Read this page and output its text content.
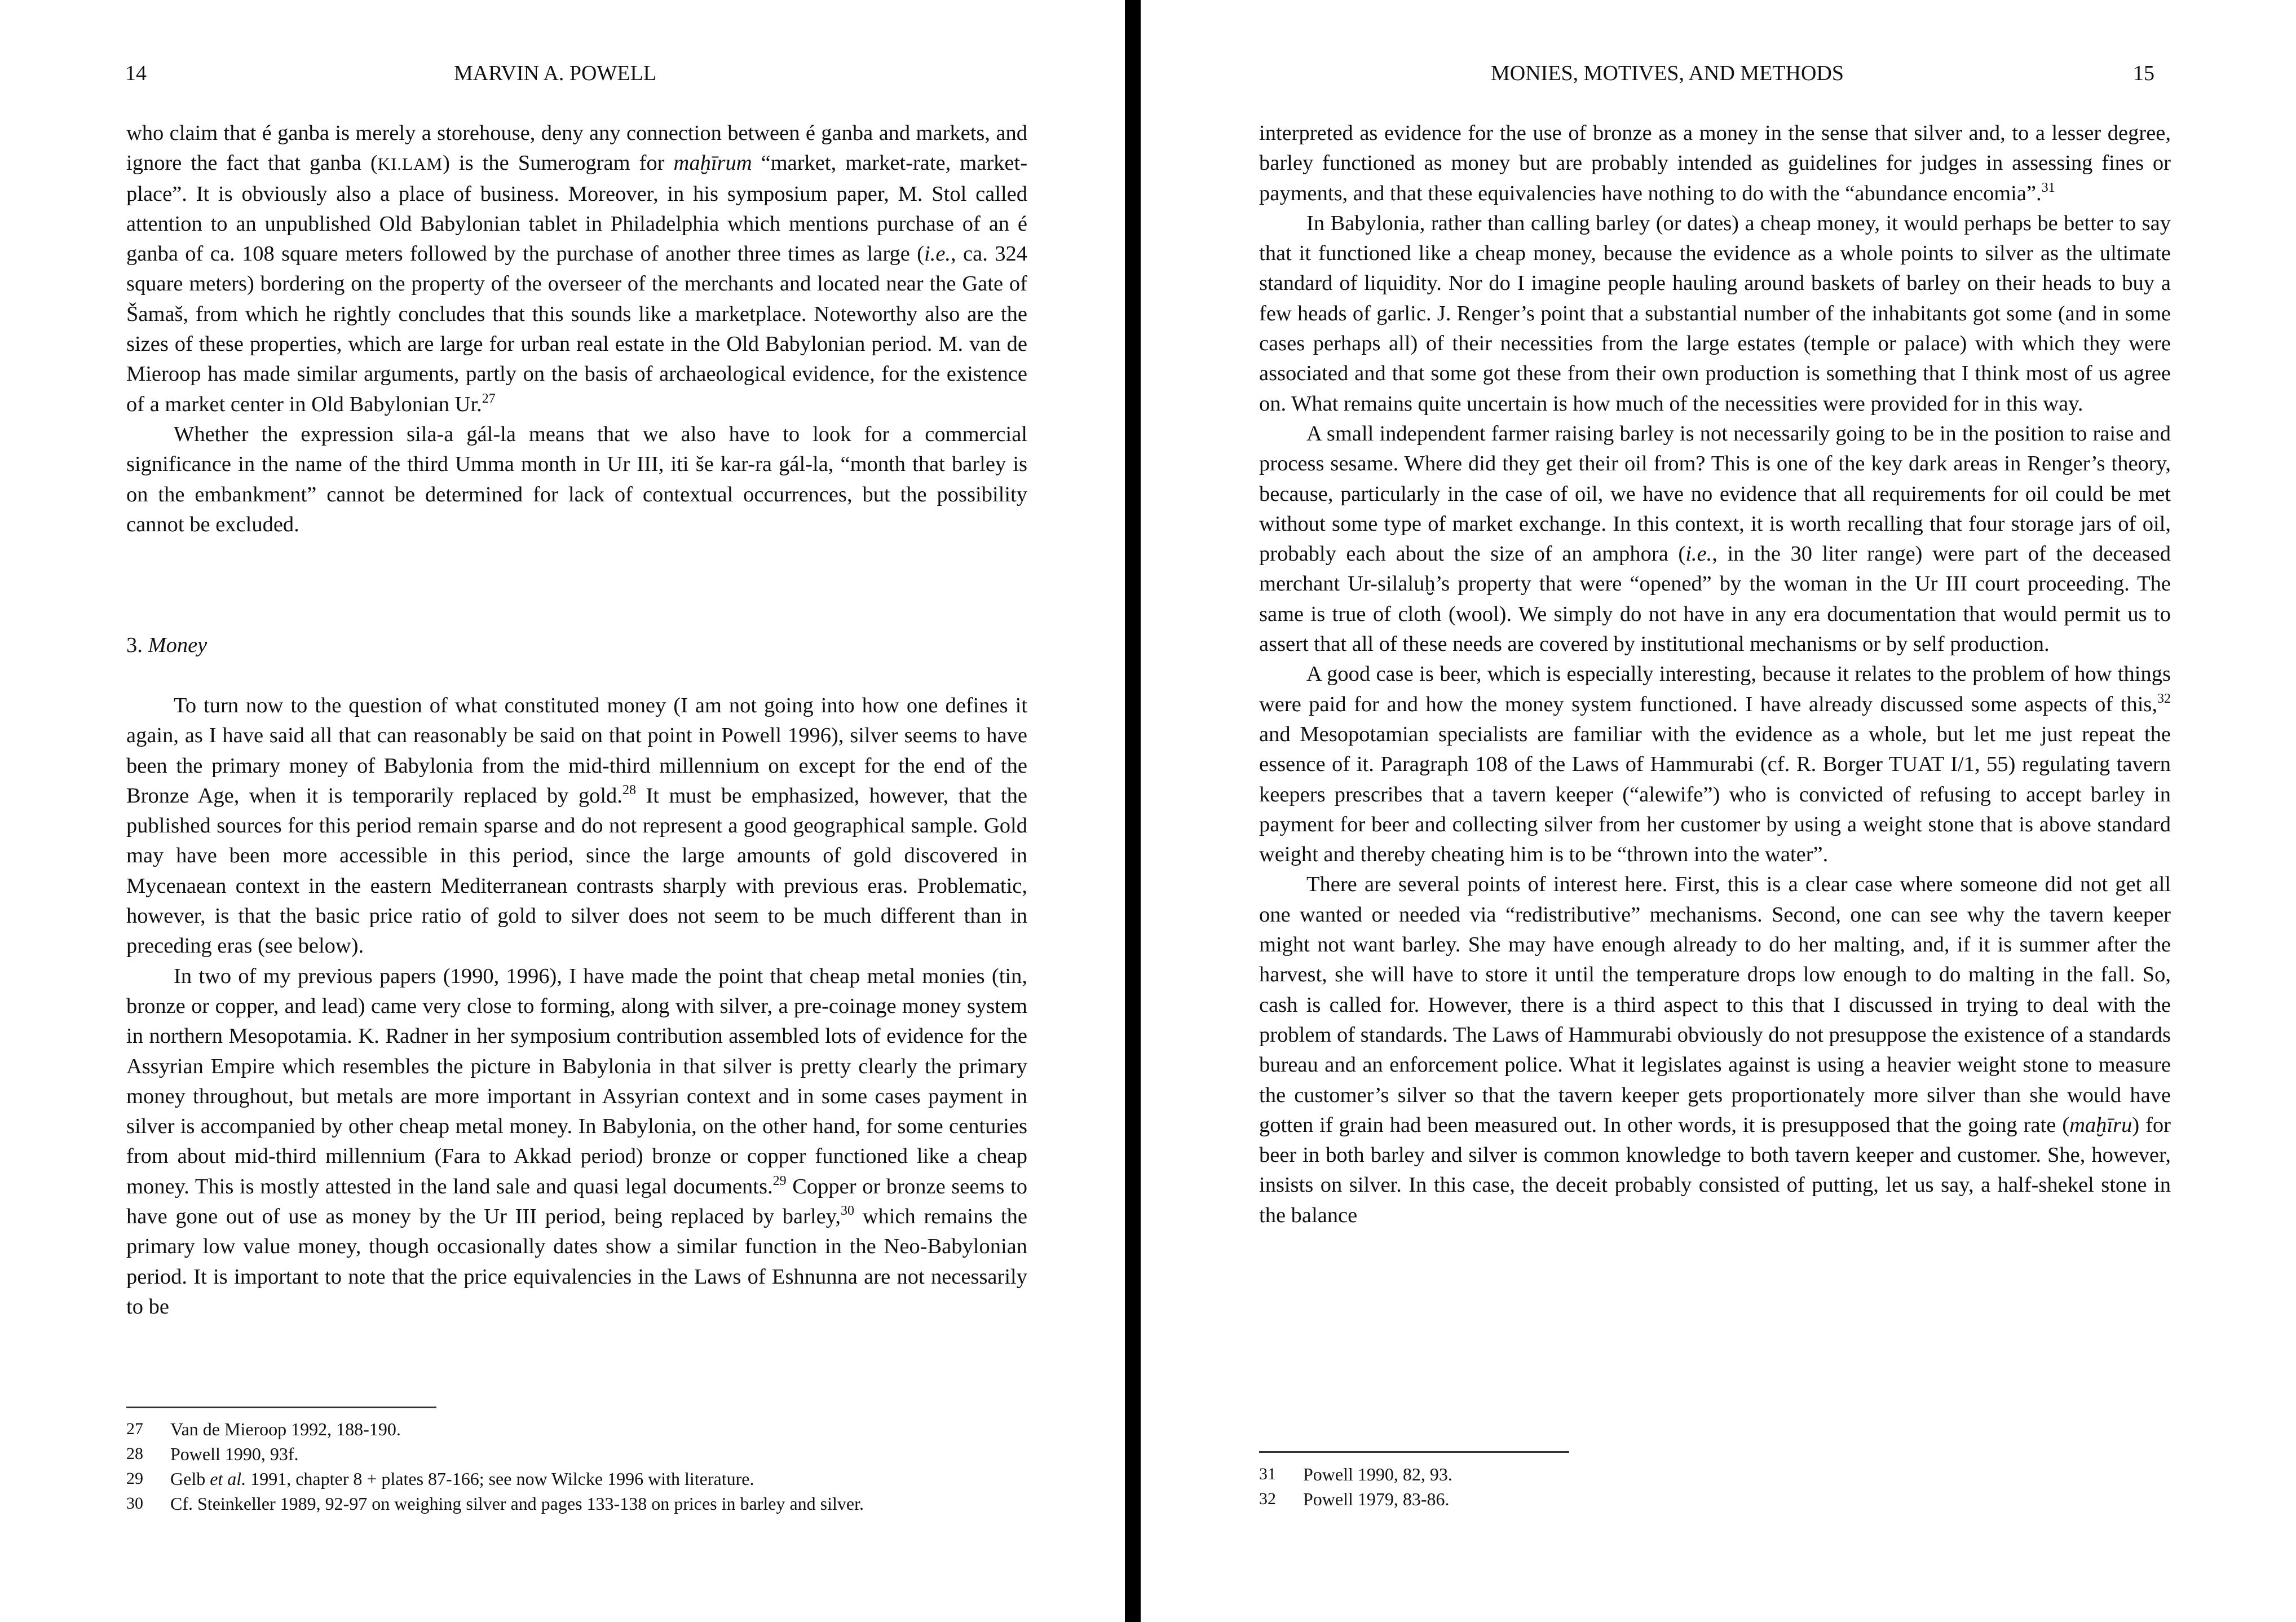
14	MARVIN A. POWELL

who claim that é ganba is merely a storehouse, deny any connection between é ganba and markets, and ignore the fact that ganba (KI.LAM) is the Sumerogram for maḫīrum “market, market-rate, market-place”. It is obviously also a place of business. Moreover, in his symposium paper, M. Stol called attention to an unpublished Old Babylonian tablet in Philadelphia which mentions purchase of an é ganba of ca. 108 square meters followed by the purchase of another three times as large (i.e., ca. 324 square meters) bordering on the property of the overseer of the merchants and located near the Gate of Šamaš, from which he rightly concludes that this sounds like a marketplace. Noteworthy also are the sizes of these properties, which are large for urban real estate in the Old Babylonian period. M. van de Mieroop has made similar arguments, partly on the basis of archaeological evidence, for the existence of a market center in Old Babylonian Ur.$^{27}$

Whether the expression sila-a gál-la means that we also have to look for a commercial significance in the name of the third Umma month in Ur III, iti še kar-ra gál-la, “month that barley is on the embankment” cannot be determined for lack of contextual occurrences, but the possibility cannot be excluded.

3. Money

To turn now to the question of what constituted money (I am not going into how one defines it again, as I have said all that can reasonably be said on that point in Powell 1996), silver seems to have been the primary money of Babylonia from the mid-third millennium on except for the end of the Bronze Age, when it is temporarily replaced by gold.$^{28}$ It must be emphasized, however, that the published sources for this period remain sparse and do not represent a good geographical sample. Gold may have been more accessible in this period, since the large amounts of gold discovered in Mycenaean context in the eastern Mediterranean contrasts sharply with previous eras. Problematic, however, is that the basic price ratio of gold to silver does not seem to be much different than in preceding eras (see below).

In two of my previous papers (1990, 1996), I have made the point that cheap metal monies (tin, bronze or copper, and lead) came very close to forming, along with silver, a pre-coinage money system in northern Mesopotamia. K. Radner in her symposium contribution assembled lots of evidence for the Assyrian Empire which resembles the picture in Babylonia in that silver is pretty clearly the primary money throughout, but metals are more important in Assyrian context and in some cases payment in silver is accompanied by other cheap metal money. In Babylonia, on the other hand, for some centuries from about mid-third millennium (Fara to Akkad period) bronze or copper functioned like a cheap money. This is mostly attested in the land sale and quasi legal documents.$^{29}$ Copper or bronze seems to have gone out of use as money by the Ur III period, being replaced by barley,$^{30}$ which remains the primary low value money, though occasionally dates show a similar function in the Neo-Babylonian period. It is important to note that the price equivalencies in the Laws of Eshnunna are not necessarily to be

27	Van de Mieroop 1992, 188-190.
28	Powell 1990, 93f.
29	Gelb et al. 1991, chapter 8 + plates 87-166; see now Wilcke 1996 with literature.
30	Cf. Steinkeller 1989, 92-97 on weighing silver and pages 133-138 on prices in barley and silver.
MONIES, MOTIVES, AND METHODS	15

interpreted as evidence for the use of bronze as a money in the sense that silver and, to a lesser degree, barley functioned as money but are probably intended as guidelines for judges in assessing fines or payments, and that these equivalencies have nothing to do with the “abundance encomia”.$^{31}$

In Babylonia, rather than calling barley (or dates) a cheap money, it would perhaps be better to say that it functioned like a cheap money, because the evidence as a whole points to silver as the ultimate standard of liquidity. Nor do I imagine people hauling around baskets of barley on their heads to buy a few heads of garlic. J. Renger’s point that a substantial number of the inhabitants got some (and in some cases perhaps all) of their necessities from the large estates (temple or palace) with which they were associated and that some got these from their own production is something that I think most of us agree on. What remains quite uncertain is how much of the necessities were provided for in this way.

A small independent farmer raising barley is not necessarily going to be in the position to raise and process sesame. Where did they get their oil from? This is one of the key dark areas in Renger’s theory, because, particularly in the case of oil, we have no evidence that all requirements for oil could be met without some type of market exchange. In this context, it is worth recalling that four storage jars of oil, probably each about the size of an amphora (i.e., in the 30 liter range) were part of the deceased merchant Ur-silaluḫ’s property that were “opened” by the woman in the Ur III court proceeding. The same is true of cloth (wool). We simply do not have in any era documentation that would permit us to assert that all of these needs are covered by institutional mechanisms or by self production.

A good case is beer, which is especially interesting, because it relates to the problem of how things were paid for and how the money system functioned. I have already discussed some aspects of this,$^{32}$ and Mesopotamian specialists are familiar with the evidence as a whole, but let me just repeat the essence of it. Paragraph 108 of the Laws of Hammurabi (cf. R. Borger TUAT I/1, 55) regulating tavern keepers prescribes that a tavern keeper (“alewife”) who is convicted of refusing to accept barley in payment for beer and collecting silver from her customer by using a weight stone that is above standard weight and thereby cheating him is to be “thrown into the water”.

There are several points of interest here. First, this is a clear case where someone did not get all one wanted or needed via “redistributive” mechanisms. Second, one can see why the tavern keeper might not want barley. She may have enough already to do her malting, and, if it is summer after the harvest, she will have to store it until the temperature drops low enough to do malting in the fall. So, cash is called for. However, there is a third aspect to this that I discussed in trying to deal with the problem of standards. The Laws of Hammurabi obviously do not presuppose the existence of a standards bureau and an enforcement police. What it legislates against is using a heavier weight stone to measure the customer’s silver so that the tavern keeper gets proportionately more silver than she would have gotten if grain had been measured out. In other words, it is presupposed that the going rate (maḫīru) for beer in both barley and silver is common knowledge to both tavern keeper and customer. She, however, insists on silver. In this case, the deceit probably consisted of putting, let us say, a half-shekel stone in the balance

31	Powell 1990, 82, 93.
32	Powell 1979, 83-86.
